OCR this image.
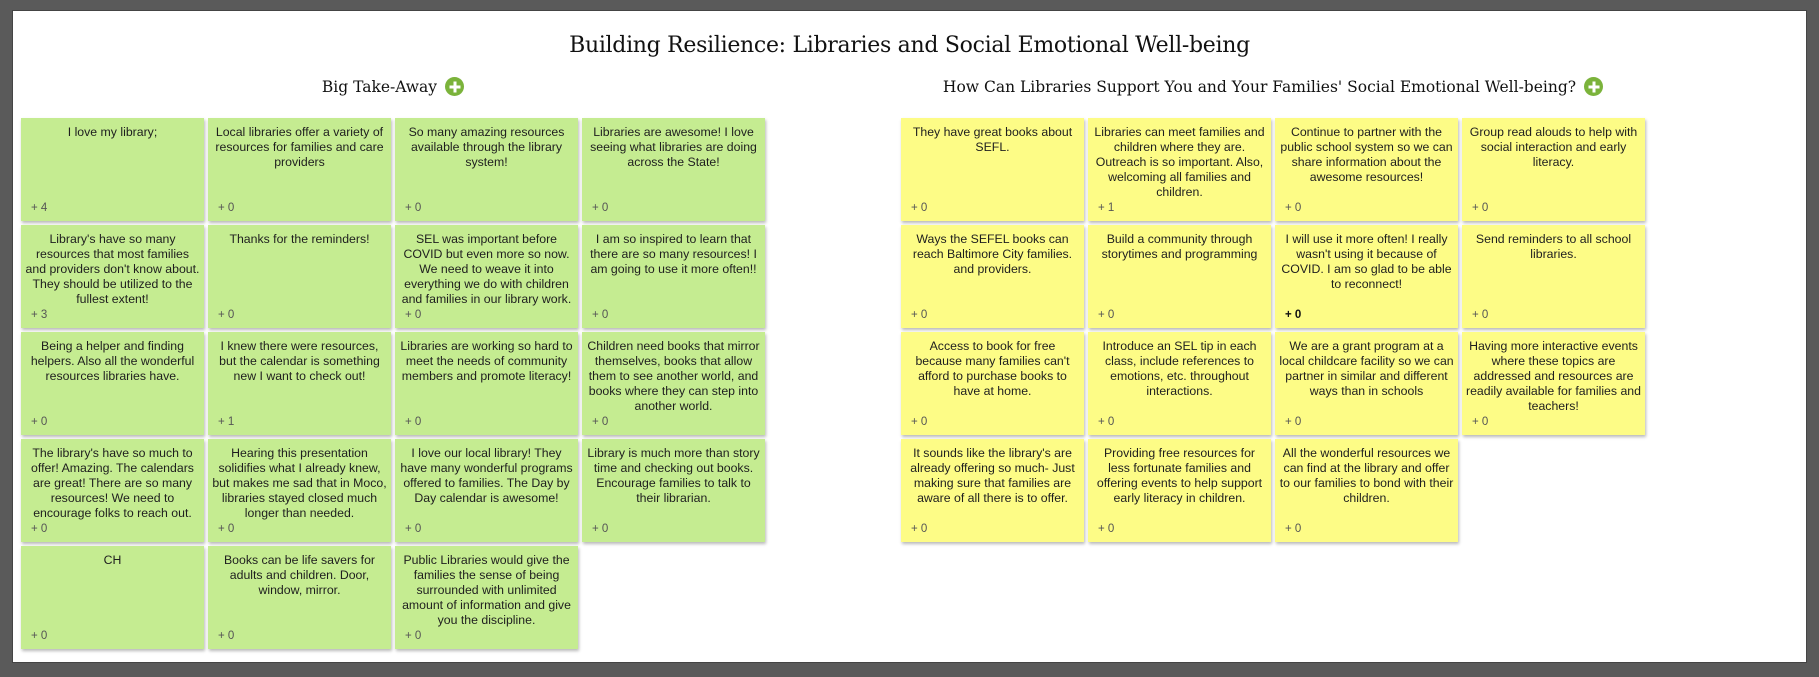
Building Resilience: Libraries and Social Emotional Well-being
Big Take-Away	How Can Libraries Support You and Your Families' Social Emotional Well-being?
I love my library;
+ 4
Local libraries offer a variety of resources for families and care providers
+ 0
So many amazing resources available through the library system!
+ 0
Libraries are awesome! I love seeing what libraries are doing across the State!
+ 0
Library's have so many resources that most families and providers don't know about. They should be utilized to the fullest extent!
+ 3
Thanks for the reminders!
+ 0
SEL was important before COVID but even more so now. We need to weave it into everything we do with children and families in our library work.
+ 0
I am so inspired to learn that there are so many resources! I am going to use it more often!!
+ 0
Being a helper and finding helpers. Also all the wonderful resources libraries have.
+ 0
I knew there were resources, but the calendar is something new I want to check out!
+ 1
Libraries are working so hard to meet the needs of community members and promote literacy!
+ 0
Children need books that mirror themselves, books that allow them to see another world, and books where they can step into another world.
+ 0
The library's have so much to offer! Amazing. The calendars are great! There are so many resources! We need to encourage folks to reach out.
+ 0
Hearing this presentation solidifies what I already knew, but makes me sad that in Moco, libraries stayed closed much longer than needed.
+ 0
I love our local library! They have many wonderful programs offered to families. The Day by Day calendar is awesome!
+ 0
Library is much more than story time and checking out books. Encourage families to talk to their librarian.
+ 0
CH
+ 0
Books can be life savers for adults and children. Door, window, mirror.
+ 0
Public Libraries would give the families the sense of being surrounded with unlimited amount of information and give you the discipline.
+ 0
They have great books about SEFL.
+ 0
Libraries can meet families and children where they are. Outreach is so important. Also, welcoming all families and children.
+ 1
Continue to partner with the public school system so we can share information about the awesome resources!
+ 0
Group read alouds to help with social interaction and early literacy.
+ 0
Ways the SEFEL books can reach Baltimore City families. and providers.
+ 0
Build a community through storytimes and programming
+ 0
I will use it more often! I really wasn't using it because of COVID. I am so glad to be able to reconnect!
+ 0
Send reminders to all school libraries.
+ 0
Access to book for free because many families can't afford to purchase books to have at home.
+ 0
Introduce an SEL tip in each class, include references to emotions, etc. throughout interactions.
+ 0
We are a grant program at a local childcare facility so we can partner in similar and different ways than in schools
+ 0
Having more interactive events where these topics are addressed and resources are readily available for families and teachers!
+ 0
It sounds like the library's are already offering so much- Just making sure that families are aware of all there is to offer.
+ 0
Providing free resources for less fortunate families and offering events to help support early literacy in children.
+ 0
All the wonderful resources we can find at the library and offer to our families to bond with their children.
+ 0
